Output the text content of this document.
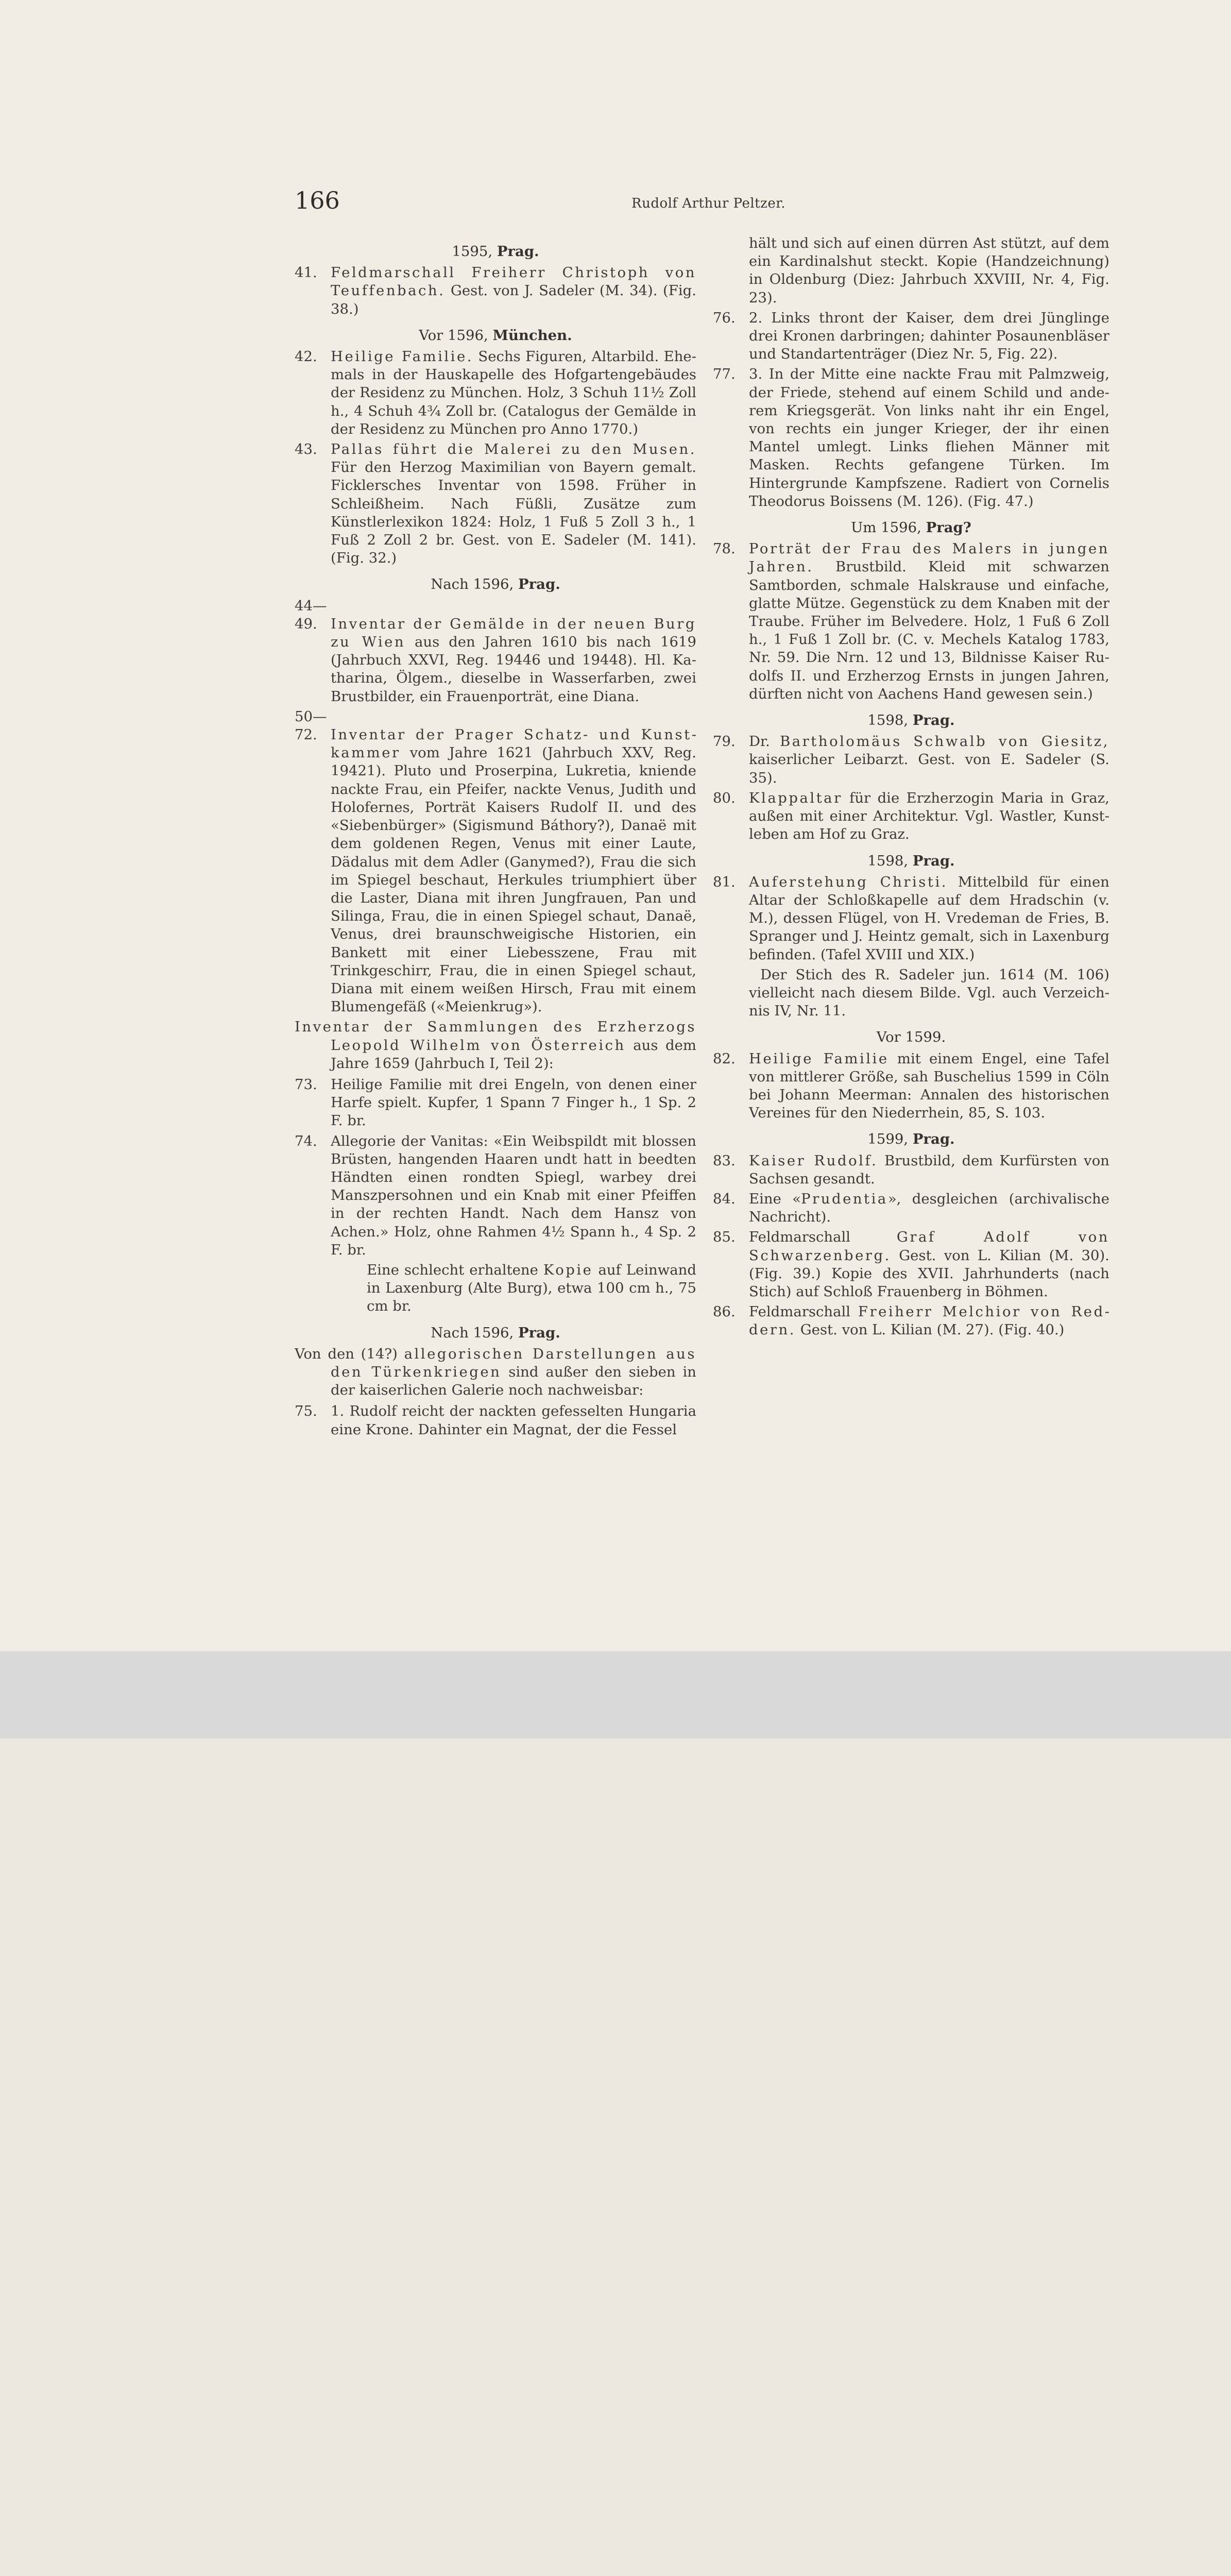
166	Rudolf Arthur Peltzer.
1595, Prag.

41. Feldmarschall Freiherr Christoph von Teuffenbach. Gest. von J. Sadeler (M. 34). (Fig. 38.)

Vor 1596, München.

42. Heilige Familie. Sechs Figuren, Altarbild. Ehemals in der Hauskapelle des Hofgartengebäudes der Residenz zu München. Holz, 3 Schuh 11½ Zoll h., 4 Schuh 4¾ Zoll br. (Catalogus der Gemälde in der Residenz zu München pro Anno 1770.)

43. Pallas führt die Malerei zu den Musen. Für den Herzog Maximilian von Bayern gemalt. Ficklersches Inventar von 1598. Früher in Schleißheim. Nach Füßli, Zusätze zum Künstlerlexikon 1824: Holz, 1 Fuß 5 Zoll 3 h., 1 Fuß 2 Zoll 2 br. Gest. von E. Sadeler (M. 141). (Fig. 32.)

Nach 1596, Prag.

44—49. Inventar der Gemälde in der neuen Burg zu Wien aus den Jahren 1610 bis nach 1619 (Jahrbuch XXVI, Reg. 19446 und 19448). Hl. Katharina, Ölgem., dieselbe in Wasserfarben, zwei Brustbilder, ein Frauenporträt, eine Diana.

50—72. Inventar der Prager Schatz- und Kunstkammer vom Jahre 1621 (Jahrbuch XXV, Reg. 19421). Pluto und Proserpina, Lukretia, kniende nackte Frau, ein Pfeifer, nackte Venus, Judith und Holofernes, Porträt Kaisers Rudolf II. und des «Siebenbürger» (Sigismund Báthory?), Danaë mit dem goldenen Regen, Venus mit einer Laute, Dädalus mit dem Adler (Ganymed?), Frau die sich im Spiegel beschaut, Herkules triumphiert über die Laster, Diana mit ihren Jungfrauen, Pan und Silinga, Frau, die in einen Spiegel schaut, Danaë, Venus, drei braunschweigische Historien, ein Bankett mit einer Liebesszene, Frau mit Trinkgeschirr, Frau, die in einen Spiegel schaut, Diana mit einem weißen Hirsch, Frau mit einem Blumengefäß («Meienkrug»).

Inventar der Sammlungen des Erzherzogs Leopold Wilhelm von Österreich aus dem Jahre 1659 (Jahrbuch I, Teil 2):

73. Heilige Familie mit drei Engeln, von denen einer Harfe spielt. Kupfer, 1 Spann 7 Finger h., 1 Sp. 2 F. br.

74. Allegorie der Vanitas: «Ein Weibspildt mit blossen Brüsten, hangenden Haaren undt hatt in beedten Händten einen rondten Spiegl, warbey drei Manszpersohnen und ein Knab mit einer Pfeiffen in der rechten Handt. Nach dem Hansz von Achen.» Holz, ohne Rahmen 4½ Spann h., 4 Sp. 2 F. br.

Eine schlecht erhaltene Kopie auf Leinwand in Laxenburg (Alte Burg), etwa 100 cm h., 75 cm br.

Nach 1596, Prag.

Von den (14?) allegorischen Darstellungen aus den Türkenkriegen sind außer den sieben in der kaiserlichen Galerie noch nachweisbar:

75. 1. Rudolf reicht der nackten gefesselten Hungaria eine Krone. Dahinter ein Magnat, der die Fessel

hält und sich auf einen dürren Ast stützt, auf dem ein Kardinalshut steckt. Kopie (Handzeichnung) in Oldenburg (Diez: Jahrbuch XXVIII, Nr. 4, Fig. 23).

76. 2. Links thront der Kaiser, dem drei Jünglinge drei Kronen darbringen; dahinter Posaunenbläser und Standartenträger (Diez Nr. 5, Fig. 22).

77. 3. In der Mitte eine nackte Frau mit Palmzweig, der Friede, stehend auf einem Schild und anderem Kriegsgerät. Von links naht ihr ein Engel, von rechts ein junger Krieger, der ihr einen Mantel umlegt. Links fliehen Männer mit Masken. Rechts gefangene Türken. Im Hintergrunde Kampfszene. Radiert von Cornelis Theodorus Boissens (M. 126). (Fig. 47.)

Um 1596, Prag?

78. Porträt der Frau des Malers in jungen Jahren. Brustbild. Kleid mit schwarzen Samtborden, schmale Halskrause und einfache, glatte Mütze. Gegenstück zu dem Knaben mit der Traube. Früher im Belvedere. Holz, 1 Fuß 6 Zoll h., 1 Fuß 1 Zoll br. (C. v. Mechels Katalog 1783, Nr. 59. Die Nrn. 12 und 13, Bildnisse Kaiser Rudolfs II. und Erzherzog Ernsts in jungen Jahren, dürften nicht von Aachens Hand gewesen sein.)

1598, Prag.

79. Dr. Bartholomäus Schwalb von Giesitz, kaiserlicher Leibarzt. Gest. von E. Sadeler (S. 35).

80. Klappaltar für die Erzherzogin Maria in Graz, außen mit einer Architektur. Vgl. Wastler, Kunstleben am Hof zu Graz.

1598, Prag.

81. Auferstehung Christi. Mittelbild für einen Altar der Schloßkapelle auf dem Hradschin (v. M.), dessen Flügel, von H. Vredeman de Fries, B. Spranger und J. Heintz gemalt, sich in Laxenburg befinden. (Tafel XVIII und XIX.)

Der Stich des R. Sadeler jun. 1614 (M. 106) vielleicht nach diesem Bilde. Vgl. auch Verzeichnis IV, Nr. 11.

Vor 1599.

82. Heilige Familie mit einem Engel, eine Tafel von mittlerer Größe, sah Buschelius 1599 in Cöln bei Johann Meerman: Annalen des historischen Vereines für den Niederrhein, 85, S. 103.

1599, Prag.

83. Kaiser Rudolf. Brustbild, dem Kurfürsten von Sachsen gesandt.

84. Eine «Prudentia», desgleichen (archivalische Nachricht).

85. Feldmarschall Graf Adolf von Schwarzenberg. Gest. von L. Kilian (M. 30). (Fig. 39.) Kopie des XVII. Jahrhunderts (nach Stich) auf Schloß Frauenberg in Böhmen.

86. Feldmarschall Freiherr Melchior von Reddern. Gest. von L. Kilian (M. 27). (Fig. 40.)
